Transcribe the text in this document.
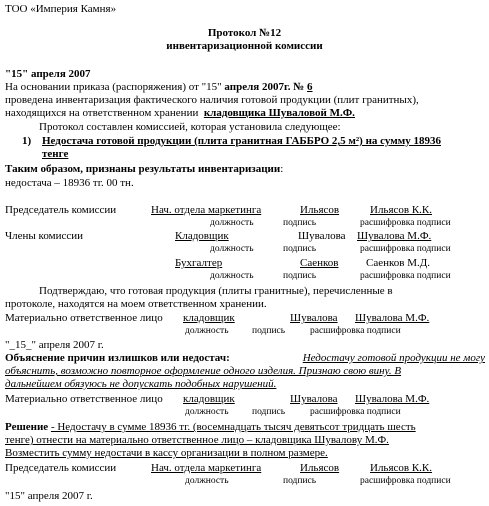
ТОО «Империя Камня»
Протокол №12
инвентаризационной комиссии
"15" апреля 2007
На основании приказа (распоряжения) от "15" апреля 2007г. № 6
проведена инвентаризация фактического наличия готовой продукции (плит гранитных),
находящихся на ответственном хранении кладовщика Шуваловой М.Ф.
Протокол составлен комиссией, которая установила следующее:
1) Недостача готовой продукции (плита гранитная ГАББРО 2,5 м²) на сумму 18936
тенге
Таким образом, признаны результаты инвентаризации:
недостача – 18936 тг. 00 тн.
Председатель комиссии	Нач. отдела маркетинга	Ильясов	Ильясов К.К.
должность	подпись	расшифровка подписи
Члены комиссии	Кладовщик	Шувалова Шувалова М.Ф.
должность	подпись	расшифровка подписи
Бухгалтер	Саенков	Саенков М.Д.
должность	подпись	расшифровка подписи
Подтверждаю, что готовая продукция (плиты гранитные), перечисленные в
протоколе, находятся на моем ответственном хранении.
Материально ответственное лицо кладовщик	Шувалова Шувалова М.Ф.
должность подпись	расшифровка подписи
"_15_" апреля 2007 г.
Объяснение причин излишков или недостач:	Недостачу готовой продукции не могу
объяснить, возможно повторное оформление одного изделия. Признаю свою вину. В
дальнейшем обязуюсь не допускать подобных нарушений.
Материально ответственное лицо кладовщик	Шувалова Шувалова М.Ф.
должность подпись	расшифровка подписи
Решение - Недостачу в сумме 18936 тг. (восемнадцать тысяч девятьсот тридцать шесть
тенге) отнести на материально ответственное лицо – кладовщика Шувалову М.Ф.
Возместить сумму недостачи в кассу организации в полном размере.
Председатель комиссии	Нач. отдела маркетинга	Ильясов	Ильясов К.К.
должность	подпись	расшифровка подписи
"15" апреля 2007 г.
